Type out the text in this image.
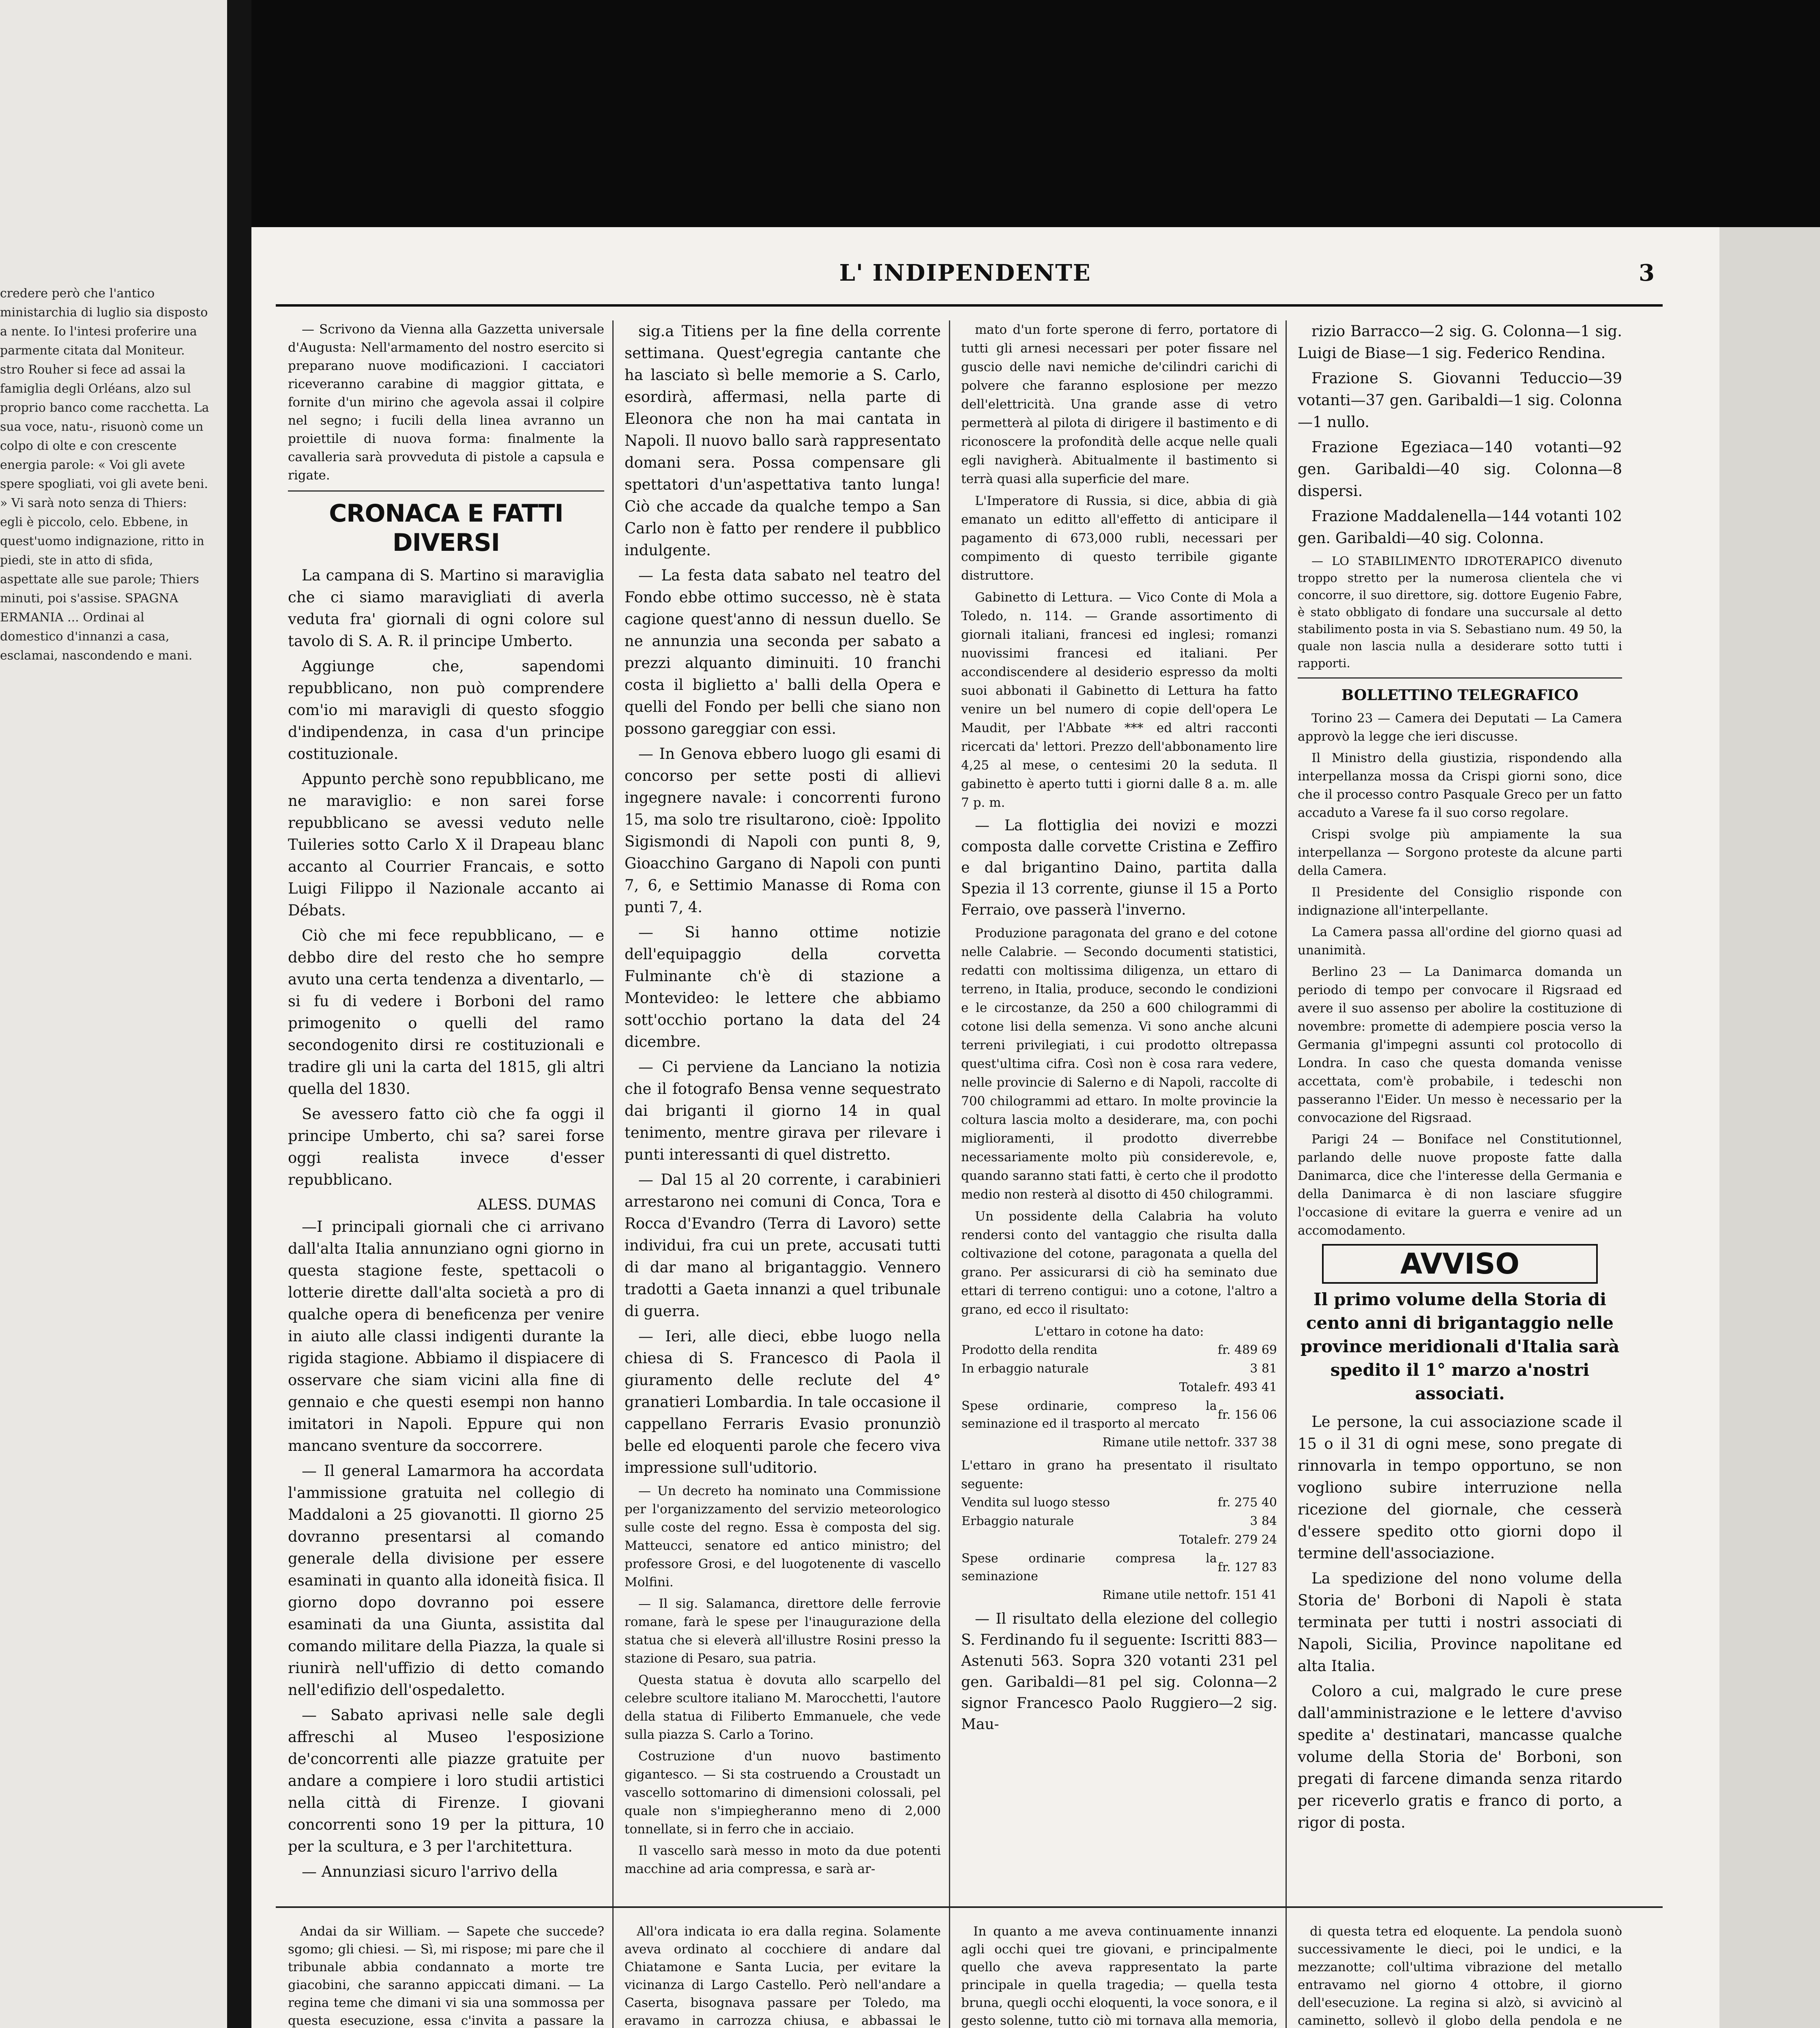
credere però che l'antico ministarchia di luglio sia disposto a nente. Io l'intesi proferire una parmente citata dal Moniteur. stro Rouher si fece ad assai la famiglia degli Orléans, alzo sul proprio banco come racchetta. La sua voce, natu-, risuonò come un colpo di olte e con crescente energia parole: « Voi gli avete spere spogliati, voi gli avete beni. » Vi sarà noto senza di Thiers: egli è piccolo, celo. Ebbene, in quest'uomo indignazione, ritto in piedi, ste in atto di sfida, aspettate alle sue parole; Thiers minuti, poi s'assise. SPAGNA ERMANIA ... Ordinai al domestico d'innanzi a casa, esclamai, nascondendo e mani.
L' INDIPENDENTE	3

— Scrivono da Vienna alla Gazzetta universale d'Augusta: Nell'armamento del nostro esercito si preparano nuove modificazioni. I cacciatori riceveranno carabine di maggior gittata, e fornite d'un mirino che agevola assai il colpire nel segno; i fucili della linea avranno un proiettile di nuova forma: finalmente la cavalleria sarà provveduta di pistole a capsula e rigate.

CRONACA E FATTI DIVERSI

La campana di S. Martino si maraviglia che ci siamo maravigliati di averla veduta fra' giornali di ogni colore sul tavolo di S. A. R. il principe Umberto.

Aggiunge che, sapendomi repubblicano, non può comprendere com'io mi maravigli di questo sfoggio d'indipendenza, in casa d'un principe costituzionale.

Appunto perchè sono repubblicano, me ne maraviglio: e non sarei forse repubblicano se avessi veduto nelle Tuileries sotto Carlo X il Drapeau blanc accanto al Courrier Francais, e sotto Luigi Filippo il Nazionale accanto ai Débats.

Ciò che mi fece repubblicano, — e debbo dire del resto che ho sempre avuto una certa tendenza a diventarlo, — si fu di vedere i Borboni del ramo primogenito o quelli del ramo secondogenito dirsi re costituzionali e tradire gli uni la carta del 1815, gli altri quella del 1830.

Se avessero fatto ciò che fa oggi il principe Umberto, chi sa? sarei forse oggi realista invece d'esser repubblicano.

ALESS. DUMAS

—I principali giornali che ci arrivano dall'alta Italia annunziano ogni giorno in questa stagione feste, spettacoli o lotterie dirette dall'alta società a pro di qualche opera di beneficenza per venire in aiuto alle classi indigenti durante la rigida stagione. Abbiamo il dispiacere di osservare che siam vicini alla fine di gennaio e che questi esempi non hanno imitatori in Napoli. Eppure qui non mancano sventure da soccorrere.

— Il general Lamarmora ha accordata l'ammissione gratuita nel collegio di Maddaloni a 25 giovanotti. Il giorno 25 dovranno presentarsi al comando generale della divisione per essere esaminati in quanto alla idoneità fisica. Il giorno dopo dovranno poi essere esaminati da una Giunta, assistita dal comando militare della Piazza, la quale si riunirà nell'uffizio di detto comando nell'edifizio dell'ospedaletto.

— Sabato aprivasi nelle sale degli affreschi al Museo l'esposizione de'concorrenti alle piazze gratuite per andare a compiere i loro studii artistici nella città di Firenze. I giovani concorrenti sono 19 per la pittura, 10 per la scultura, e 3 per l'architettura.

— Annunziasi sicuro l'arrivo della

sig.a Titiens per la fine della corrente settimana. Quest'egregia cantante che ha lasciato sì belle memorie a S. Carlo, esordirà, affermasi, nella parte di Eleonora che non ha mai cantata in Napoli. Il nuovo ballo sarà rappresentato domani sera. Possa compensare gli spettatori d'un'aspettativa tanto lunga! Ciò che accade da qualche tempo a San Carlo non è fatto per rendere il pubblico indulgente.

— La festa data sabato nel teatro del Fondo ebbe ottimo successo, nè è stata cagione quest'anno di nessun duello. Se ne annunzia una seconda per sabato a prezzi alquanto diminuiti. 10 franchi costa il biglietto a' balli della Opera e quelli del Fondo per belli che siano non possono gareggiar con essi.

— In Genova ebbero luogo gli esami di concorso per sette posti di allievi ingegnere navale: i concorrenti furono 15, ma solo tre risultarono, cioè: Ippolito Sigismondi di Napoli con punti 8, 9, Gioacchino Gargano di Napoli con punti 7, 6, e Settimio Manasse di Roma con punti 7, 4.

— Si hanno ottime notizie dell'equipaggio della corvetta Fulminante ch'è di stazione a Montevideo: le lettere che abbiamo sott'occhio portano la data del 24 dicembre.

— Ci perviene da Lanciano la notizia che il fotografo Bensa venne sequestrato dai briganti il giorno 14 in qual tenimento, mentre girava per rilevare i punti interessanti di quel distretto.

— Dal 15 al 20 corrente, i carabinieri arrestarono nei comuni di Conca, Tora e Rocca d'Evandro (Terra di Lavoro) sette individui, fra cui un prete, accusati tutti di dar mano al brigantaggio. Vennero tradotti a Gaeta innanzi a quel tribunale di guerra.

— Ieri, alle dieci, ebbe luogo nella chiesa di S. Francesco di Paola il giuramento delle reclute del 4° granatieri Lombardia. In tale occasione il cappellano Ferraris Evasio pronunziò belle ed eloquenti parole che fecero viva impressione sull'uditorio.

— Un decreto ha nominato una Commissione per l'organizzamento del servizio meteorologico sulle coste del regno. Essa è composta del sig. Matteucci, senatore ed antico ministro; del professore Grosi, e del luogotenente di vascello Molfini.

— Il sig. Salamanca, direttore delle ferrovie romane, farà le spese per l'inaugurazione della statua che si eleverà all'illustre Rosini presso la stazione di Pesaro, sua patria.

Questa statua è dovuta allo scarpello del celebre scultore italiano M. Marocchetti, l'autore della statua di Filiberto Emmanuele, che vede sulla piazza S. Carlo a Torino.

Costruzione d'un nuovo bastimento gigantesco. — Si sta costruendo a Croustadt un vascello sottomarino di dimensioni colossali, pel quale non s'impiegheranno meno di 2,000 tonnellate, si in ferro che in acciaio.

Il vascello sarà messo in moto da due potenti macchine ad aria compressa, e sarà ar-

mato d'un forte sperone di ferro, portatore di tutti gli arnesi necessari per poter fissare nel guscio delle navi nemiche de'cilindri carichi di polvere che faranno esplosione per mezzo dell'elettricità. Una grande asse di vetro permetterà al pilota di dirigere il bastimento e di riconoscere la profondità delle acque nelle quali egli navigherà. Abitualmente il bastimento si terrà quasi alla superficie del mare.

L'Imperatore di Russia, si dice, abbia di già emanato un editto all'effetto di anticipare il pagamento di 673,000 rubli, necessari per compimento di questo terribile gigante distruttore.

Gabinetto di Lettura. — Vico Conte di Mola a Toledo, n. 114. — Grande assortimento di giornali italiani, francesi ed inglesi; romanzi nuovissimi francesi ed italiani. Per accondiscendere al desiderio espresso da molti suoi abbonati il Gabinetto di Lettura ha fatto venire un bel numero di copie dell'opera Le Maudit, per l'Abbate *** ed altri racconti ricercati da' lettori. Prezzo dell'abbonamento lire 4,25 al mese, o centesimi 20 la seduta. Il gabinetto è aperto tutti i giorni dalle 8 a. m. alle 7 p. m.

— La flottiglia dei novizi e mozzi composta dalle corvette Cristina e Zeffiro e dal brigantino Daino, partita dalla Spezia il 13 corrente, giunse il 15 a Porto Ferraio, ove passerà l'inverno.

Produzione paragonata del grano e del cotone nelle Calabrie. — Secondo documenti statistici, redatti con moltissima diligenza, un ettaro di terreno, in Italia, produce, secondo le condizioni e le circostanze, da 250 a 600 chilogrammi di cotone lisi della semenza. Vi sono anche alcuni terreni privilegiati, i cui prodotto oltrepassa quest'ultima cifra. Così non è cosa rara vedere, nelle provincie di Salerno e di Napoli, raccolte di 700 chilogrammi ad ettaro. In molte provincie la coltura lascia molto a desiderare, ma, con pochi miglioramenti, il prodotto diverrebbe necessariamente molto più considerevole, e, quando saranno stati fatti, è certo che il prodotto medio non resterà al disotto di 450 chilogrammi.

Un possidente della Calabria ha voluto rendersi conto del vantaggio che risulta dalla coltivazione del cotone, paragonata a quella del grano. Per assicurarsi di ciò ha seminato due ettari di terreno contigui: uno a cotone, l'altro a grano, ed ecco il risultato:

L'ettaro in cotone ha dato:
Prodotto della rendita	fr. 489 69
In erbaggio naturale	3 81
Totale	fr. 493 41
Spese ordinarie, compreso la seminazione ed il trasporto al mercato	fr. 156 06
Rimane utile netto	fr. 337 38
L'ettaro in grano ha presentato il risultato seguente:
Vendita sul luogo stesso	fr. 275 40
Erbaggio naturale	3 84
Totale	fr. 279 24
Spese ordinarie compresa la seminazione	fr. 127 83
Rimane utile netto	fr. 151 41

— Il risultato della elezione del collegio S. Ferdinando fu il seguente: Iscritti 883—Astenuti 563. Sopra 320 votanti 231 pel gen. Garibaldi—81 pel sig. Colonna—2 signor Francesco Paolo Ruggiero—2 sig. Mau-

rizio Barracco—2 sig. G. Colonna—1 sig. Luigi de Biase—1 sig. Federico Rendina.

Frazione S. Giovanni Teduccio—39 votanti—37 gen. Garibaldi—1 sig. Colonna—1 nullo.

Frazione Egeziaca—140 votanti—92 gen. Garibaldi—40 sig. Colonna—8 dispersi.

Frazione Maddalenella—144 votanti 102 gen. Garibaldi—40 sig. Colonna.

— LO STABILIMENTO IDROTERAPICO divenuto troppo stretto per la numerosa clientela che vi concorre, il suo direttore, sig. dottore Eugenio Fabre, è stato obbligato di fondare una succursale al detto stabilimento posta in via S. Sebastiano num. 49 50, la quale non lascia nulla a desiderare sotto tutti i rapporti.

BOLLETTINO TELEGRAFICO

Torino 23 — Camera dei Deputati — La Camera approvò la legge che ieri discusse.

Il Ministro della giustizia, rispondendo alla interpellanza mossa da Crispi giorni sono, dice che il processo contro Pasquale Greco per un fatto accaduto a Varese fa il suo corso regolare.

Crispi svolge più ampiamente la sua interpellanza — Sorgono proteste da alcune parti della Camera.

Il Presidente del Consiglio risponde con indignazione all'interpellante.

La Camera passa all'ordine del giorno quasi ad unanimità.

Berlino 23 — La Danimarca domanda un periodo di tempo per convocare il Rigsraad ed avere il suo assenso per abolire la costituzione di novembre: promette di adempiere poscia verso la Germania gl'impegni assunti col protocollo di Londra. In caso che questa domanda venisse accettata, com'è probabile, i tedeschi non passeranno l'Eider. Un messo è necessario per la convocazione del Rigsraad.

Parigi 24 — Boniface nel Constitutionnel, parlando delle nuove proposte fatte dalla Danimarca, dice che l'interesse della Germania e della Danimarca è di non lasciare sfuggire l'occasione di evitare la guerra e venire ad un accomodamento.

AVVISO
Il primo volume della Storia di cento anni di brigantaggio nelle province meridionali d'Italia sarà spedito il 1° marzo a'nostri associati.

Le persone, la cui associazione scade il 15 o il 31 di ogni mese, sono pregate di rinnovarla in tempo opportuno, se non vogliono subire interruzione nella ricezione del giornale, che cesserà d'essere spedito otto giorni dopo il termine dell'associazione.

La spedizione del nono volume della Storia de' Borboni di Napoli è stata terminata per tutti i nostri associati di Napoli, Sicilia, Province napolitane ed alta Italia.

Coloro a cui, malgrado le cure prese dall'amministrazione e le lettere d'avviso spedite a' destinatari, mancasse qualche volume della Storia de' Borboni, son pregati di farcene dimanda senza ritardo per riceverlo gratis e franco di porto, a rigor di posta.

Andai da sir William. — Sapete che succede? sgomo; gli chiesi. — Sì, mi rispose; mi pare che il tribunale abbia condannato a morte tre giacobini, che saranno appiccati dimani. — La regina teme che dimani vi sia una sommossa per questa esecuzione, essa c'invita a passare la

All'ora indicata io era dalla regina. Solamente aveva ordinato al cocchiere di andare dal Chiatamone e Santa Lucia, per evitare la vicinanza di Largo Castello. Però nell'andare a Caserta, bisognava passare per Toledo, ma eravamo in carrozza chiusa, e abbassai le

In quanto a me aveva continuamente innanzi agli occhi quei tre giovani, e principalmente quello che aveva rappresentato la parte principale in quella tragedia; — quella testa bruna, quegli occhi eloquenti, la voce sonora, e il gesto solenne, tutto ciò mi tornava alla memoria,

di questa tetra ed eloquente. La pendola suonò successivamente le dieci, poi le undici, e la mezzanotte; coll'ultima vibrazione del metallo entravamo nel giorno 4 ottobre, il giorno dell'esecuzione. La regina si alzò, si avvicinò al caminetto, sollevò il globo della pendola e ne
